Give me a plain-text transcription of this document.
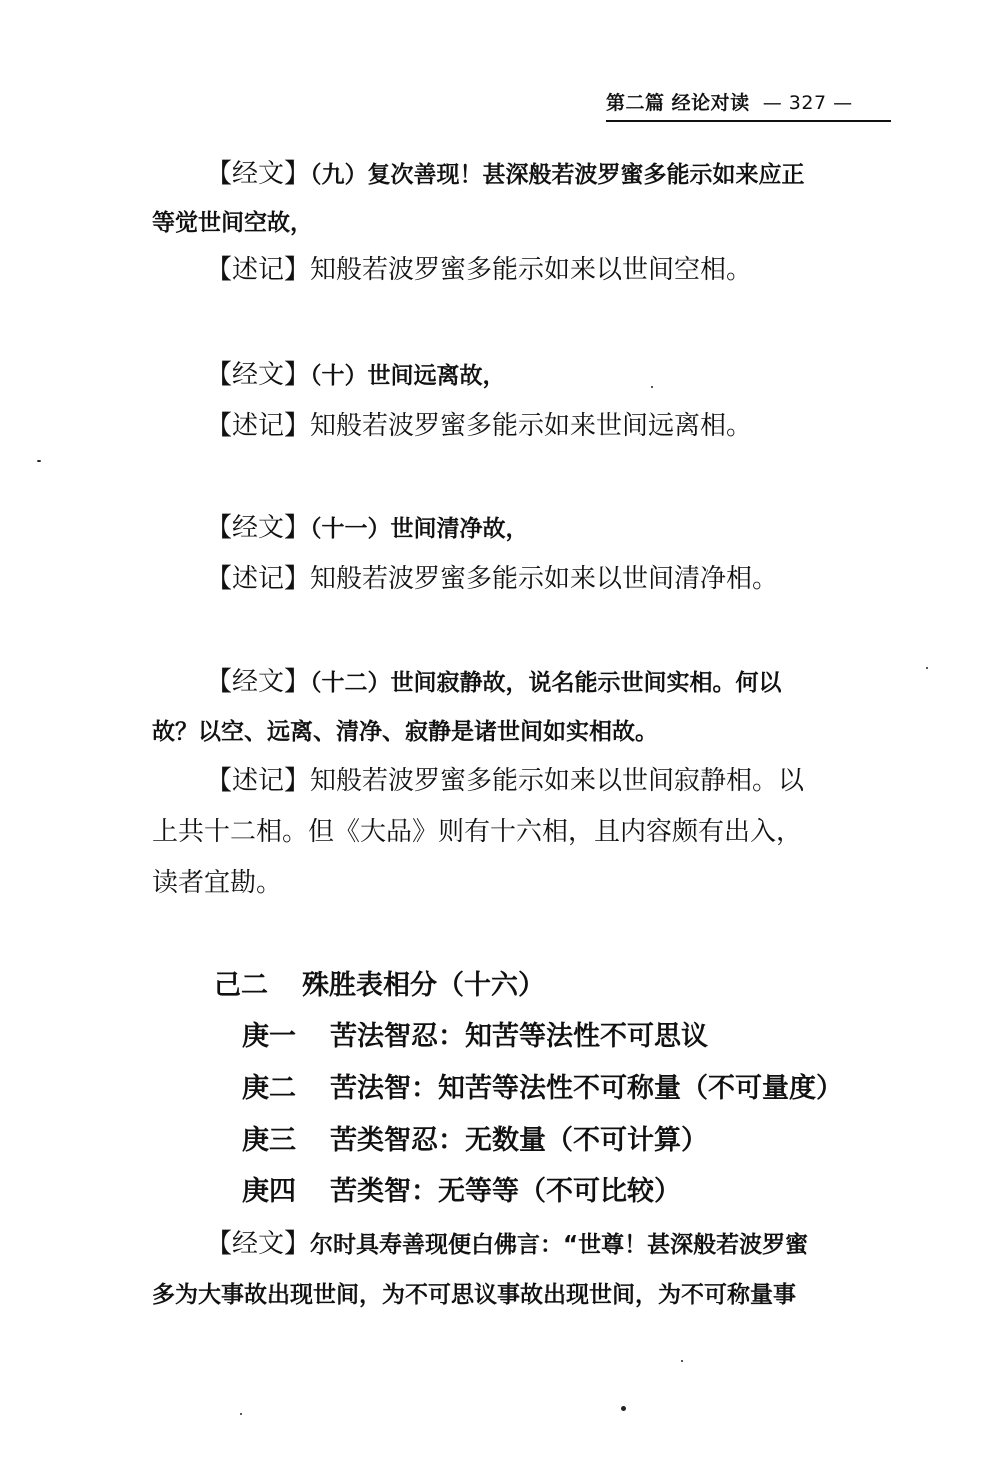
第二篇 经论对读 — 327 —
【经文】（九）复次善现！甚深般若波罗蜜多能示如来应正
等觉世间空故，
【述记】知般若波罗蜜多能示如来以世间空相。
【经文】（十）世间远离故，
【述记】知般若波罗蜜多能示如来世间远离相。
【经文】（十一）世间清净故，
【述记】知般若波罗蜜多能示如来以世间清净相。
【经文】（十二）世间寂静故，说名能示世间实相。何以
故？以空、远离、清净、寂静是诸世间如实相故。
【述记】知般若波罗蜜多能示如来以世间寂静相。以
上共十二相。但《大品》则有十六相，且内容颇有出入，
读者宜勘。
己二 殊胜表相分（十六）
庚一 苦法智忍：知苦等法性不可思议
庚二 苦法智：知苦等法性不可称量（不可量度）
庚三 苦类智忍：无数量（不可计算）
庚四 苦类智：无等等（不可比较）
【经文】尔时具寿善现便白佛言：“世尊！甚深般若波罗蜜
多为大事故出现世间，为不可思议事故出现世间，为不可称量事
